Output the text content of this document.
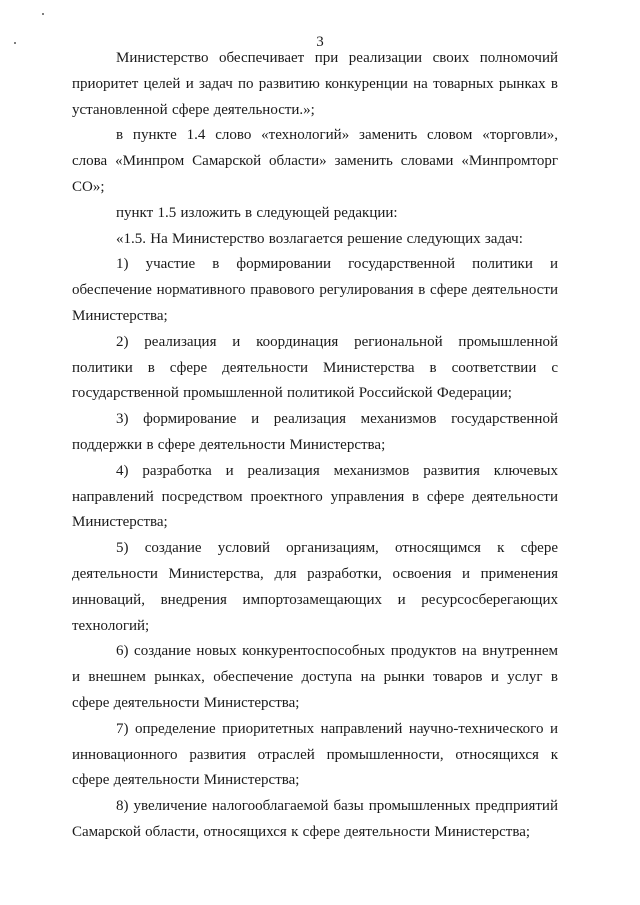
3

Министерство обеспечивает при реализации своих полномочий приоритет целей и задач по развитию конкуренции на товарных рынках в установленной сфере деятельности.»;

в пункте 1.4 слово «технологий» заменить словом «торговли», слова «Минпром Самарской области» заменить словами «Минпромторг СО»;

пункт 1.5 изложить в следующей редакции:

«1.5. На Министерство возлагается решение следующих задач:

1) участие в формировании государственной политики и обеспечение нормативного правового регулирования в сфере деятельности Министерства;

2) реализация и координация региональной промышленной политики в сфере деятельности Министерства в соответствии с государственной промышленной политикой Российской Федерации;

3) формирование и реализация механизмов государственной поддержки в сфере деятельности Министерства;

4) разработка и реализация механизмов развития ключевых направлений посредством проектного управления в сфере деятельности Министерства;

5) создание условий организациям, относящимся к сфере деятельности Министерства, для разработки, освоения и применения инноваций, внедрения импортозамещающих и ресурсосберегающих технологий;

6) создание новых конкурентоспособных продуктов на внутреннем и внешнем рынках, обеспечение доступа на рынки товаров и услуг в сфере деятельности Министерства;

7) определение приоритетных направлений научно-технического и инновационного развития отраслей промышленности, относящихся к сфере деятельности Министерства;

8) увеличение налогооблагаемой базы промышленных предприятий Самарской области, относящихся к сфере деятельности Министерства;
